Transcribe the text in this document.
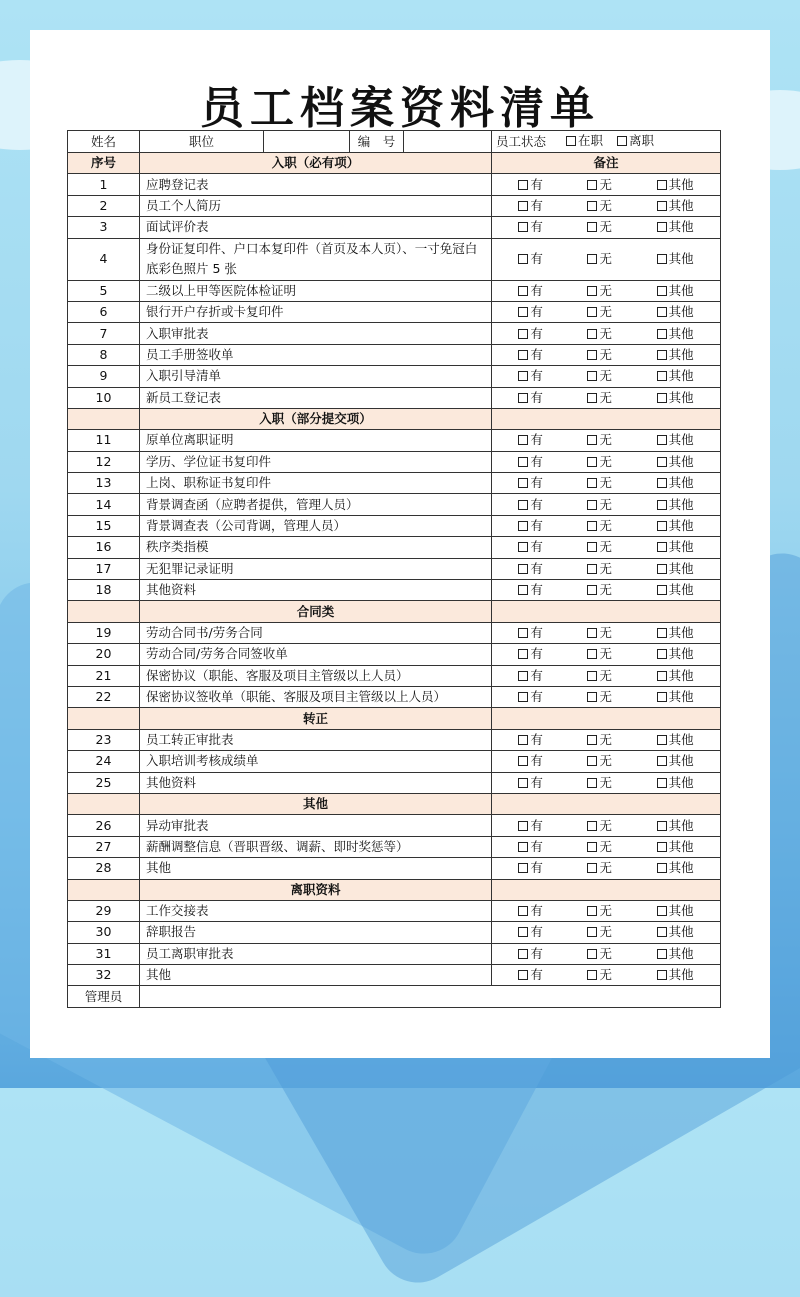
员工档案资料清单
姓名	职位		编　号		员工状态 在职 离职

序号	入职（必有项）				备注
1	应聘登记表				有 无 其他

2	员工个人简历				有 无 其他

3	面试评价表				有 无 其他

4	身份证复印件、户口本复印件（首页及本人页）、一寸免冠白底彩色照片 5 张				有 无 其他

5	二级以上甲等医院体检证明				有 无 其他

6	银行开户存折或卡复印件				有 无 其他

7	入职审批表				有 无 其他

8	员工手册签收单				有 无 其他

9	入职引导清单				有 无 其他

10	新员工登记表				有 无 其他

	入职（部分提交项）				
11	原单位离职证明				有 无 其他

12	学历、学位证书复印件				有 无 其他

13	上岗、职称证书复印件				有 无 其他

14	背景调查函（应聘者提供，管理人员）				有 无 其他

15	背景调查表（公司背调，管理人员）				有 无 其他

16	秩序类指模				有 无 其他

17	无犯罪记录证明				有 无 其他

18	其他资料				有 无 其他

	合同类				
19	劳动合同书/劳务合同				有 无 其他

20	劳动合同/劳务合同签收单				有 无 其他

21	保密协议（职能、客服及项目主管级以上人员）				有 无 其他

22	保密协议签收单（职能、客服及项目主管级以上人员）				有 无 其他

	转正				
23	员工转正审批表				有 无 其他

24	入职培训考核成绩单				有 无 其他

25	其他资料				有 无 其他

	其他				
26	异动审批表				有 无 其他

27	薪酬调整信息（晋职晋级、调薪、即时奖惩等）				有 无 其他

28	其他				有 无 其他

	离职资料				
29	工作交接表				有 无 其他

30	辞职报告				有 无 其他

31	员工离职审批表				有 无 其他

32	其他				有 无 其他

管理员					
